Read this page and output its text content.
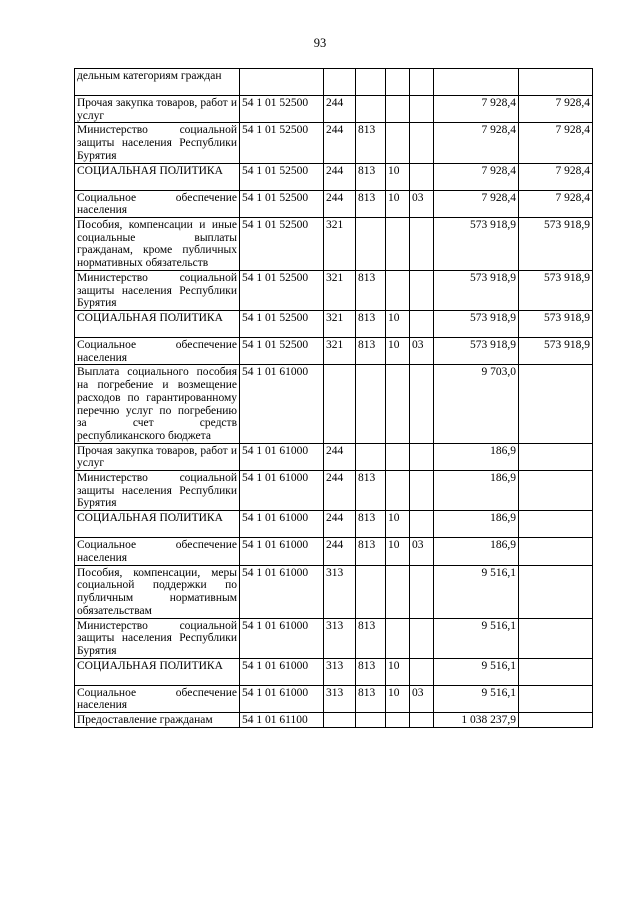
93
дельным категориям граждан							
Прочая закупка товаров, работ и услуг	54 1 01 52500	244				7 928,4	7 928,4
Министерство социальной защиты населения Республики Бурятия	54 1 01 52500	244	813			7 928,4	7 928,4
СОЦИАЛЬНАЯ ПОЛИТИКА	54 1 01 52500	244	813	10		7 928,4	7 928,4
Социальное обеспечение населения	54 1 01 52500	244	813	10	03	7 928,4	7 928,4
Пособия, компенсации и иные социальные выплаты гражданам, кроме публичных нормативных обязательств	54 1 01 52500	321				573 918,9	573 918,9
Министерство социальной защиты населения Республики Бурятия	54 1 01 52500	321	813			573 918,9	573 918,9
СОЦИАЛЬНАЯ ПОЛИТИКА	54 1 01 52500	321	813	10		573 918,9	573 918,9
Социальное обеспечение населения	54 1 01 52500	321	813	10	03	573 918,9	573 918,9
Выплата социального пособия на погребение и возмещение расходов по гарантированному перечню услуг по погребению за счет средств республиканского бюджета	54 1 01 61000					9 703,0	
Прочая закупка товаров, работ и услуг	54 1 01 61000	244				186,9	
Министерство социальной защиты населения Республики Бурятия	54 1 01 61000	244	813			186,9	
СОЦИАЛЬНАЯ ПОЛИТИКА	54 1 01 61000	244	813	10		186,9	
Социальное обеспечение населения	54 1 01 61000	244	813	10	03	186,9	
Пособия, компенсации, меры социальной поддержки по публичным нормативным обязательствам	54 1 01 61000	313				9 516,1	
Министерство социальной защиты населения Республики Бурятия	54 1 01 61000	313	813			9 516,1	
СОЦИАЛЬНАЯ ПОЛИТИКА	54 1 01 61000	313	813	10		9 516,1	
Социальное обеспечение населения	54 1 01 61000	313	813	10	03	9 516,1	
Предоставление гражданам	54 1 01 61100					1 038 237,9	
